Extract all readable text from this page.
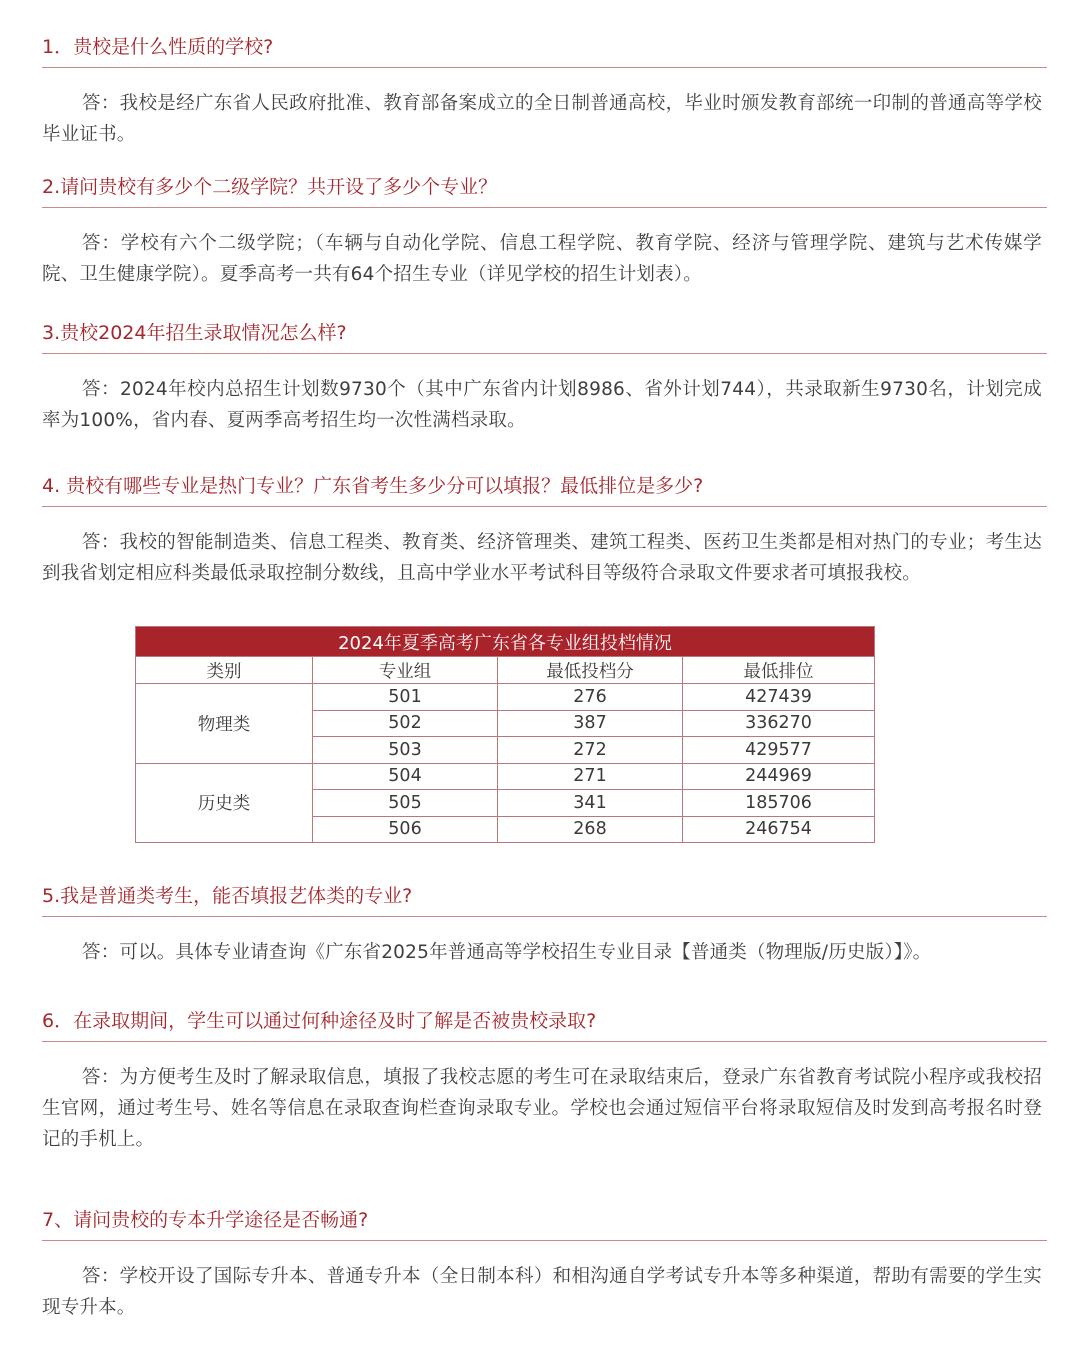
1．贵校是什么性质的学校?
答：我校是经广东省人民政府批准、教育部备案成立的全日制普通高校，毕业时颁发教育部统一印制的普通高等学校毕业证书。
2.请问贵校有多少个二级学院？共开设了多少个专业？
答：学校有六个二级学院；（车辆与自动化学院、信息工程学院、教育学院、经济与管理学院、建筑与艺术传媒学院、卫生健康学院）。夏季高考一共有64个招生专业（详见学校的招生计划表）。
3.贵校2024年招生录取情况怎么样?
答：2024年校内总招生计划数9730个（其中广东省内计划8986、省外计划744），共录取新生9730名，计划完成率为100%，省内春、夏两季高考招生均一次性满档录取。
4. 贵校有哪些专业是热门专业？广东省考生多少分可以填报？最低排位是多少?
答：我校的智能制造类、信息工程类、教育类、经济管理类、建筑工程类、医药卫生类都是相对热门的专业；考生达到我省划定相应科类最低录取控制分数线，且高中学业水平考试科目等级符合录取文件要求者可填报我校。
2024年夏季高考广东省各专业组投档情况			
类别	专业组	最低投档分	最低排位
物理类	501	276	427439
	502	387	336270
	503	272	429577
历史类	504	271	244969
	505	341	185706
	506	268	246754
5.我是普通类考生，能否填报艺体类的专业?
答：可以。具体专业请查询《广东省2025年普通高等学校招生专业目录【普通类（物理版/历史版）】》。
6．在录取期间，学生可以通过何种途径及时了解是否被贵校录取?
答：为方便考生及时了解录取信息，填报了我校志愿的考生可在录取结束后，登录广东省教育考试院小程序或我校招生官网，通过考生号、姓名等信息在录取查询栏查询录取专业。学校也会通过短信平台将录取短信及时发到高考报名时登记的手机上。
7、请问贵校的专本升学途径是否畅通?
答：学校开设了国际专升本、普通专升本（全日制本科）和相沟通自学考试专升本等多种渠道，帮助有需要的学生实现专升本。
